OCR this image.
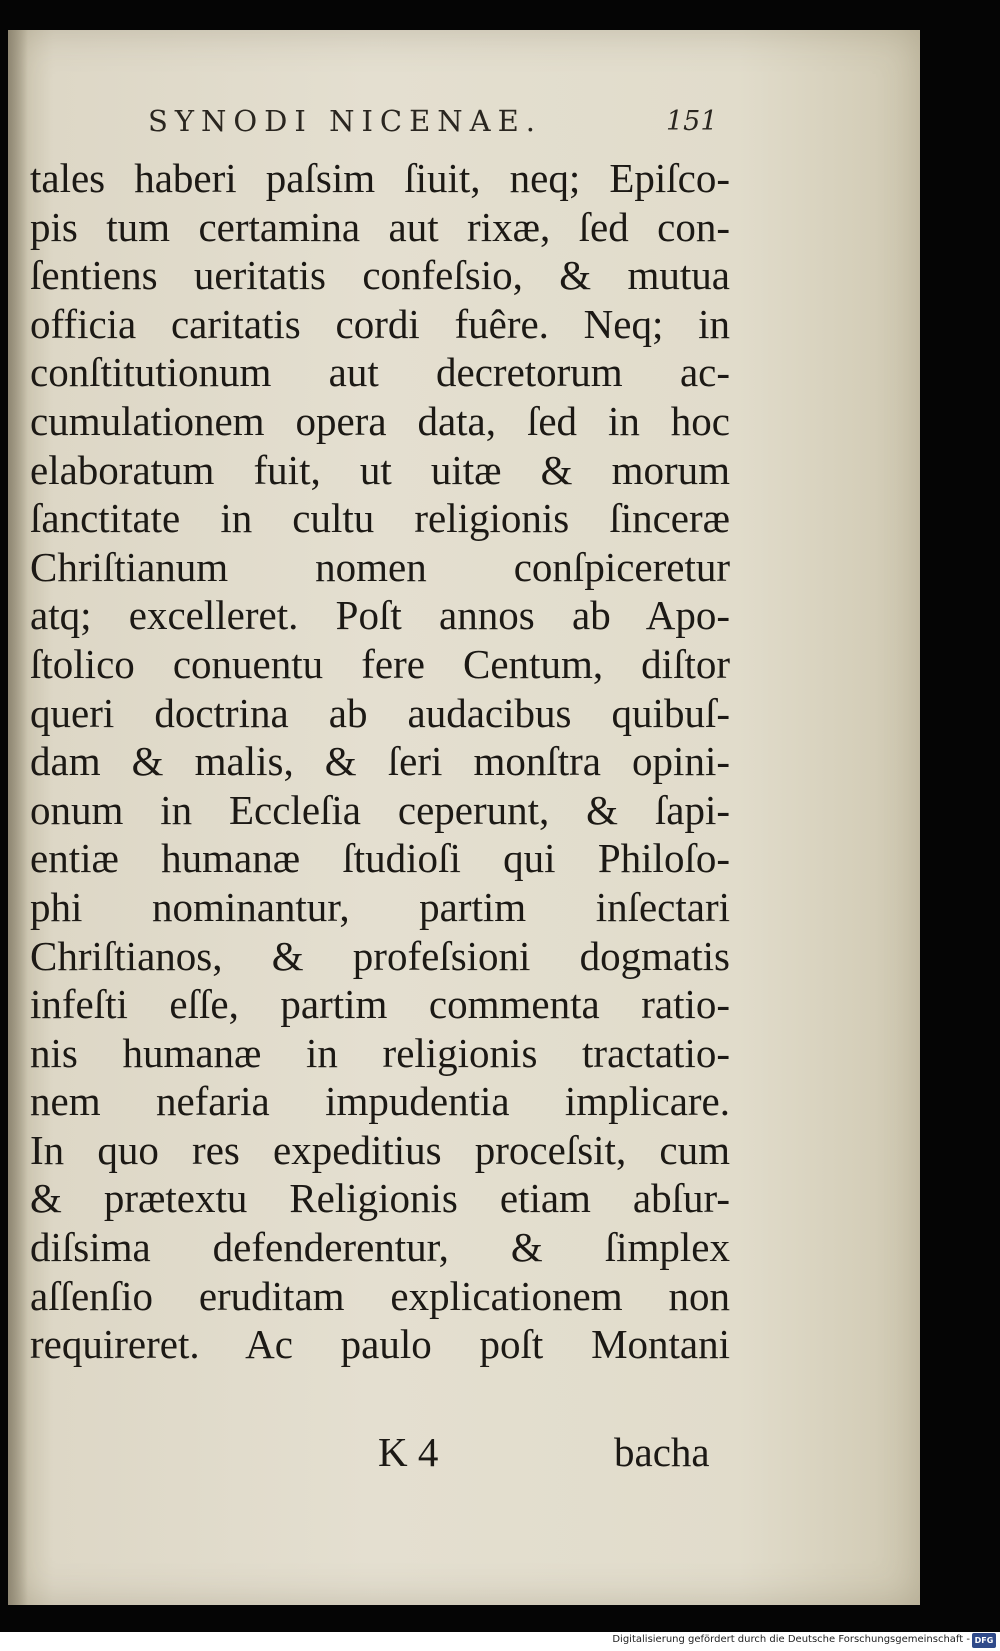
SYNODI NICENAE.	151
tales haberi paſsim ſiuit, neq; Epiſco-
pis tum certamina aut rixæ, ſed con-
ſentiens ueritatis confeſsio, & mutua
officia caritatis cordi fuêre. Neq; in
conſtitutionum aut decretorum ac-
cumulationem opera data, ſed in hoc
elaboratum fuit, ut uitæ & morum
ſanctitate in cultu religionis ſinceræ
Chriſtianum nomen conſpiceretur
atq; excelleret. Poſt annos ab Apo-
ſtolico conuentu fere Centum, diſtor
queri doctrina ab audacibus quibuſ-
dam & malis, & ſeri monſtra opini-
onum in Eccleſia ceperunt, & ſapi-
entiæ humanæ ſtudioſi qui Philoſo-
phi nominantur, partim inſectari
Chriſtianos, & profeſsioni dogmatis
infeſti eſſe, partim commenta ratio-
nis humanæ in religionis tractatio-
nem nefaria impudentia implicare.
In quo res expeditius proceſsit, cum
& prætextu Religionis etiam abſur-
diſsima defenderentur, & ſimplex
aſſenſio eruditam explicationem non
requireret. Ac paulo poſt Montani
K 4	bacha
Digitalisierung gefördert durch die Deutsche Forschungsgemeinschaft - DFG
